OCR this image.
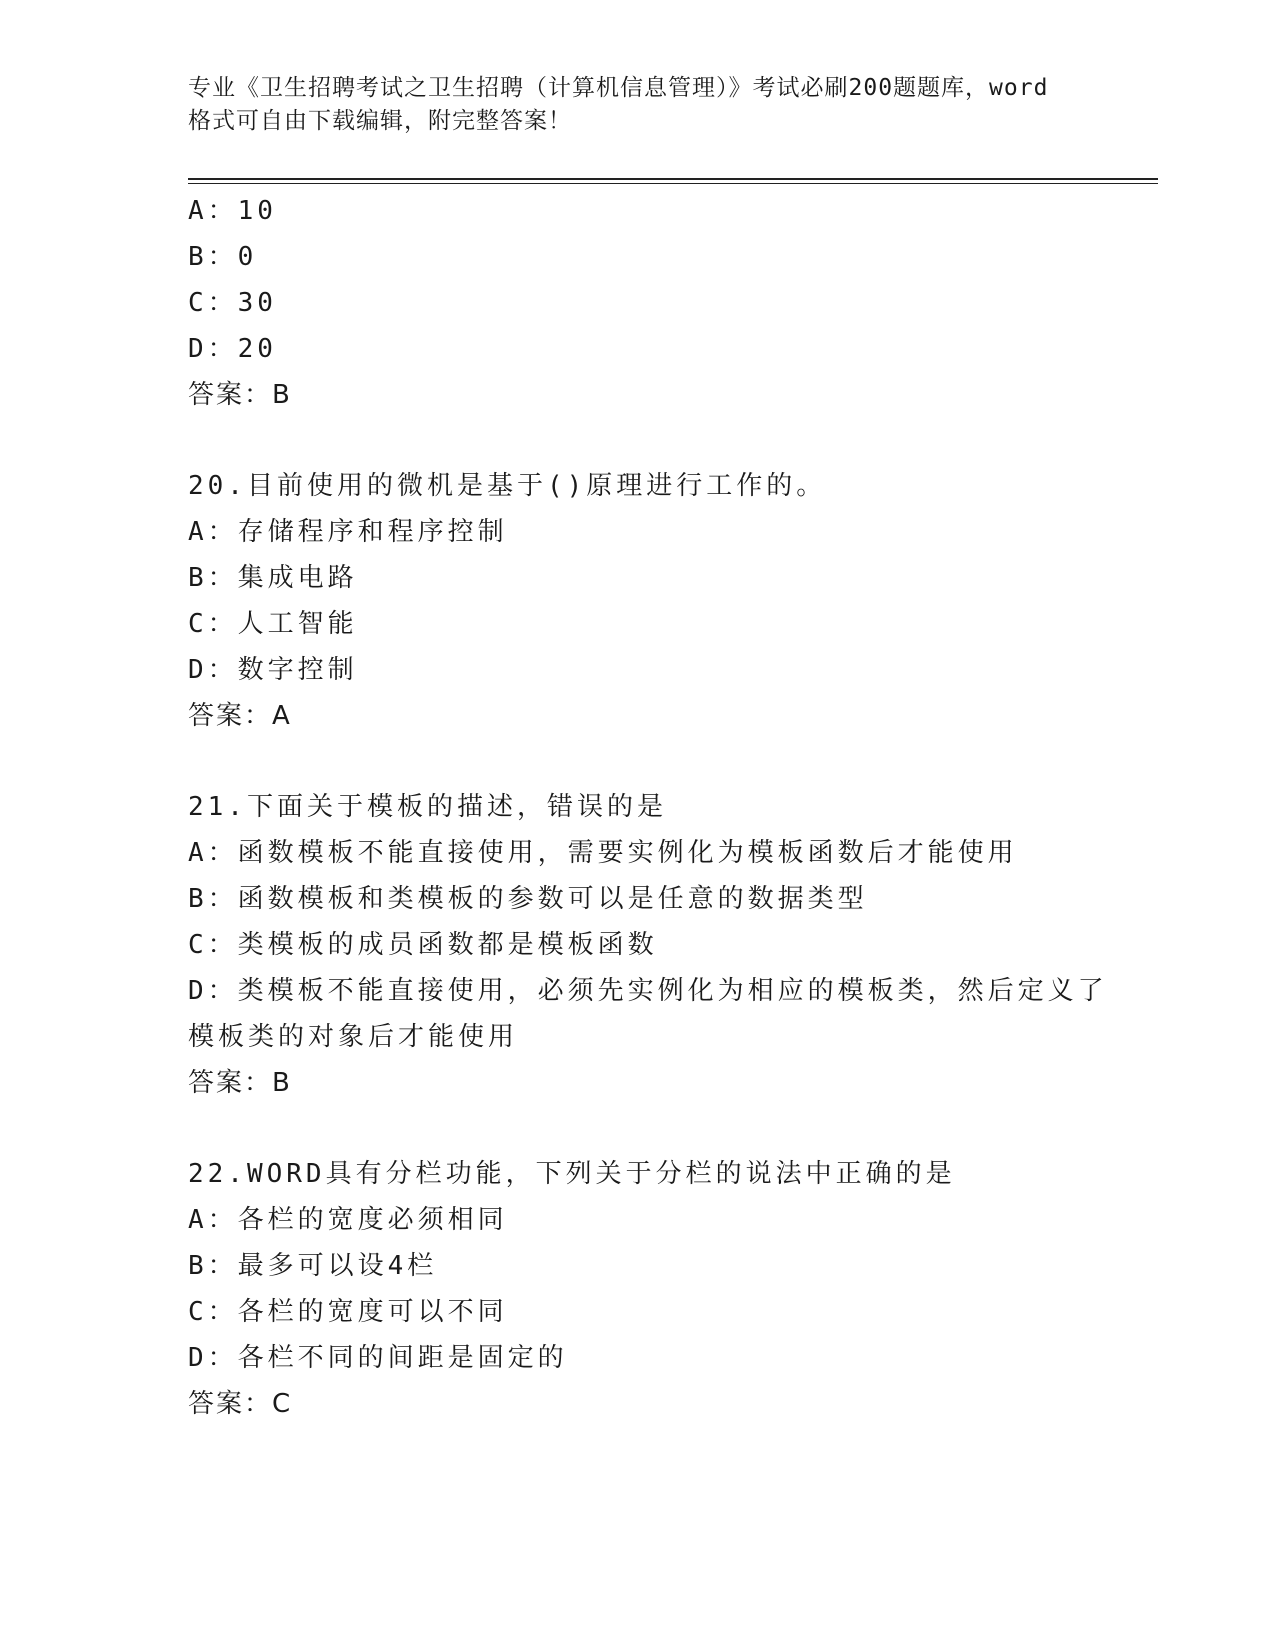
专业《卫生招聘考试之卫生招聘（计算机信息管理）》考试必刷200题题库，word
格式可自由下载编辑，附完整答案！
A：10
B：0
C：30
D：20
答案：B
20.目前使用的微机是基于()原理进行工作的。
A：存储程序和程序控制
B：集成电路
C：人工智能
D：数字控制
答案：A
21.下面关于模板的描述，错误的是
A：函数模板不能直接使用，需要实例化为模板函数后才能使用
B：函数模板和类模板的参数可以是任意的数据类型
C：类模板的成员函数都是模板函数
D：类模板不能直接使用，必须先实例化为相应的模板类，然后定义了
模板类的对象后才能使用
答案：B
22.WORD具有分栏功能，下列关于分栏的说法中正确的是
A：各栏的宽度必须相同
B：最多可以设4栏
C：各栏的宽度可以不同
D：各栏不同的间距是固定的
答案：C
